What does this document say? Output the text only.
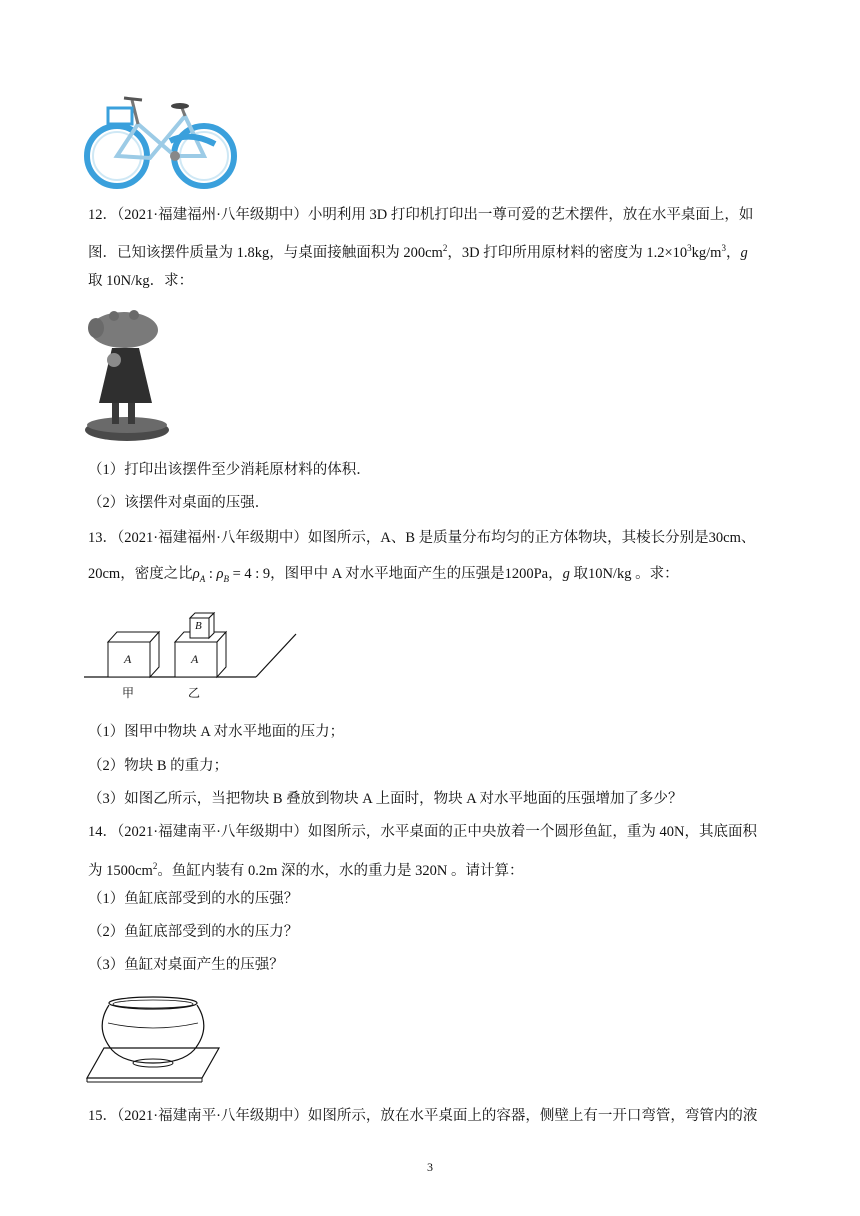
12．（2021·福建福州·八年级期中）小明利用 3D 打印机打印出一尊可爱的艺术摆件，放在水平桌面上，如
图．已知该摆件质量为 1.8kg，与桌面接触面积为 $200cm^2$，3D 打印所用原材料的密度为 $1.2\times 10^3kg/m^3$，g
取 10N/kg．求：
（1）打印出该摆件至少消耗原材料的体积．
（2）该摆件对桌面的压强．
13．（2021·福建福州·八年级期中）如图所示，A、B 是质量分布均匀的正方体物块，其棱长分别是30cm、
20cm，密度之比$\rho_A$ : $\rho_B = 4$ : 9，图甲中 A 对水平地面产生的压强是1200Pa，g 取10N/kg 。求：
A	A
B
甲	乙
（1）图甲中物块 A 对水平地面的压力；
（2）物块 B 的重力；
（3）如图乙所示，当把物块 B 叠放到物块 A 上面时，物块 A 对水平地面的压强增加了多少？
14．（2021·福建南平·八年级期中）如图所示，水平桌面的正中央放着一个圆形鱼缸，重为 40N，其底面积
为 $1500cm^2$。鱼缸内装有 0.2m 深的水，水的重力是 320N 。请计算：
（1）鱼缸底部受到的水的压强？
（2）鱼缸底部受到的水的压力？
（3）鱼缸对桌面产生的压强？
15．（2021·福建南平·八年级期中）如图所示，放在水平桌面上的容器，侧壁上有一开口弯管，弯管内的液
3
